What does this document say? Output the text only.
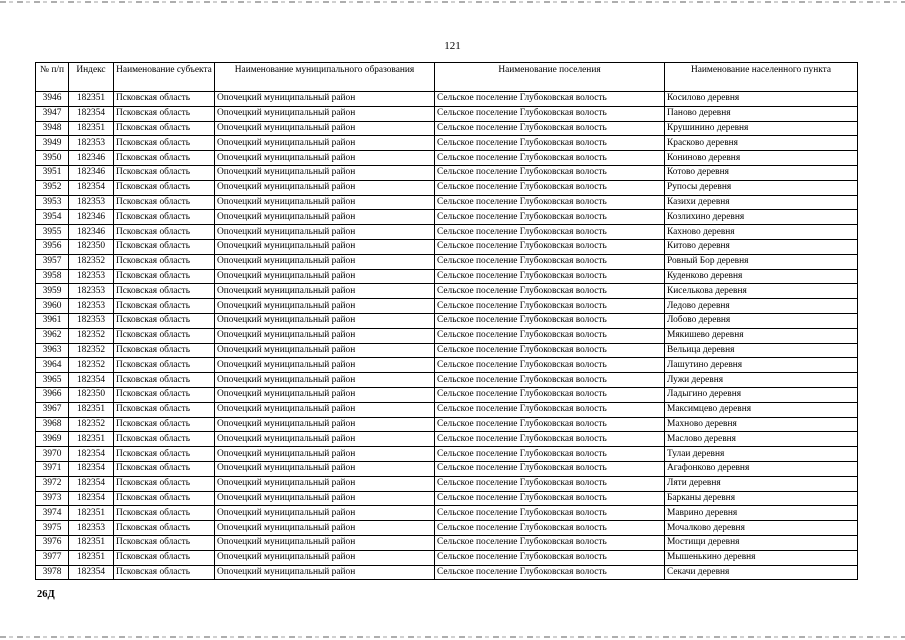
121
№ п/п	Индекс	Наименование субъекта	Наименование муниципального образования	Наименование поселения	Наименование населенного пункта
3946	182351	Псковская область	Опочецкий муниципальный район	Сельское поселение Глубоковская волость	Косилово деревня
3947	182354	Псковская область	Опочецкий муниципальный район	Сельское поселение Глубоковская волость	Паново деревня
3948	182351	Псковская область	Опочецкий муниципальный район	Сельское поселение Глубоковская волость	Крушинино деревня
3949	182353	Псковская область	Опочецкий муниципальный район	Сельское поселение Глубоковская волость	Красково деревня
3950	182346	Псковская область	Опочецкий муниципальный район	Сельское поселение Глубоковская волость	Кониново деревня
3951	182346	Псковская область	Опочецкий муниципальный район	Сельское поселение Глубоковская волость	Котово деревня
3952	182354	Псковская область	Опочецкий муниципальный район	Сельское поселение Глубоковская волость	Рупосы деревня
3953	182353	Псковская область	Опочецкий муниципальный район	Сельское поселение Глубоковская волость	Казихи деревня
3954	182346	Псковская область	Опочецкий муниципальный район	Сельское поселение Глубоковская волость	Козлихино деревня
3955	182346	Псковская область	Опочецкий муниципальный район	Сельское поселение Глубоковская волость	Кахново деревня
3956	182350	Псковская область	Опочецкий муниципальный район	Сельское поселение Глубоковская волость	Китово деревня
3957	182352	Псковская область	Опочецкий муниципальный район	Сельское поселение Глубоковская волость	Ровный Бор деревня
3958	182353	Псковская область	Опочецкий муниципальный район	Сельское поселение Глубоковская волость	Куденково деревня
3959	182353	Псковская область	Опочецкий муниципальный район	Сельское поселение Глубоковская волость	Киселькова деревня
3960	182353	Псковская область	Опочецкий муниципальный район	Сельское поселение Глубоковская волость	Ледово деревня
3961	182353	Псковская область	Опочецкий муниципальный район	Сельское поселение Глубоковская волость	Лобово деревня
3962	182352	Псковская область	Опочецкий муниципальный район	Сельское поселение Глубоковская волость	Мякишево деревня
3963	182352	Псковская область	Опочецкий муниципальный район	Сельское поселение Глубоковская волость	Вельица деревня
3964	182352	Псковская область	Опочецкий муниципальный район	Сельское поселение Глубоковская волость	Лашутино деревня
3965	182354	Псковская область	Опочецкий муниципальный район	Сельское поселение Глубоковская волость	Лужи деревня
3966	182350	Псковская область	Опочецкий муниципальный район	Сельское поселение Глубоковская волость	Ладыгино деревня
3967	182351	Псковская область	Опочецкий муниципальный район	Сельское поселение Глубоковская волость	Максимцево деревня
3968	182352	Псковская область	Опочецкий муниципальный район	Сельское поселение Глубоковская волость	Махново деревня
3969	182351	Псковская область	Опочецкий муниципальный район	Сельское поселение Глубоковская волость	Маслово деревня
3970	182354	Псковская область	Опочецкий муниципальный район	Сельское поселение Глубоковская волость	Тулаи деревня
3971	182354	Псковская область	Опочецкий муниципальный район	Сельское поселение Глубоковская волость	Агафонково деревня
3972	182354	Псковская область	Опочецкий муниципальный район	Сельское поселение Глубоковская волость	Ляти деревня
3973	182354	Псковская область	Опочецкий муниципальный район	Сельское поселение Глубоковская волость	Барканы деревня
3974	182351	Псковская область	Опочецкий муниципальный район	Сельское поселение Глубоковская волость	Маврино деревня
3975	182353	Псковская область	Опочецкий муниципальный район	Сельское поселение Глубоковская волость	Мочалково деревня
3976	182351	Псковская область	Опочецкий муниципальный район	Сельское поселение Глубоковская волость	Мостищи деревня
3977	182351	Псковская область	Опочецкий муниципальный район	Сельское поселение Глубоковская волость	Мышенькино деревня
3978	182354	Псковская область	Опочецкий муниципальный район	Сельское поселение Глубоковская волость	Секачи деревня
26Д
